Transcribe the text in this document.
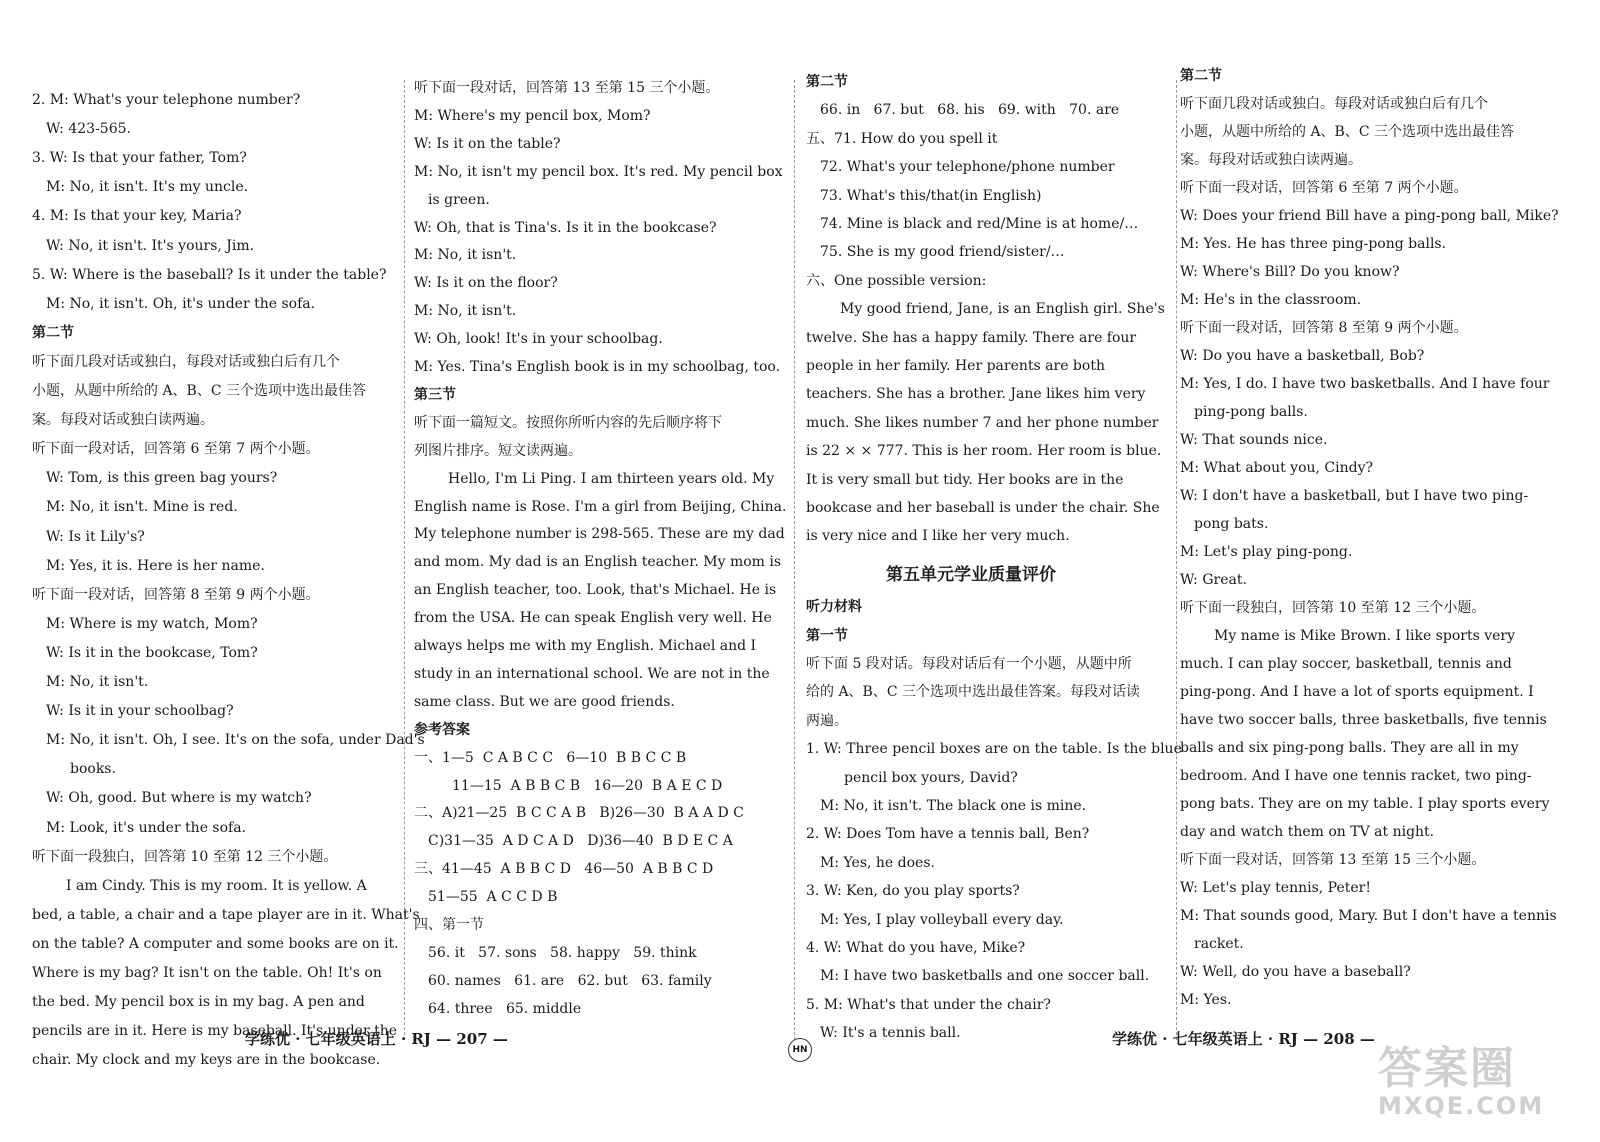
2. M: What's your telephone number?
W: 423-565.
3. W: Is that your father, Tom?
M: No, it isn't. It's my uncle.
4. M: Is that your key, Maria?
W: No, it isn't. It's yours, Jim.
5. W: Where is the baseball? Is it under the table?
M: No, it isn't. Oh, it's under the sofa.
第二节
听下面几段对话或独白，每段对话或独白后有几个
小题，从题中所给的 A、B、C 三个选项中选出最佳答
案。每段对话或独白读两遍。
听下面一段对话，回答第 6 至第 7 两个小题。
W: Tom, is this green bag yours?
M: No, it isn't. Mine is red.
W: Is it Lily's?
M: Yes, it is. Here is her name.
听下面一段对话，回答第 8 至第 9 两个小题。
M: Where is my watch, Mom?
W: Is it in the bookcase, Tom?
M: No, it isn't.
W: Is it in your schoolbag?
M: No, it isn't. Oh, I see. It's on the sofa, under Dad's
books.
W: Oh, good. But where is my watch?
M: Look, it's under the sofa.
听下面一段独白，回答第 10 至第 12 三个小题。
I am Cindy. This is my room. It is yellow. A
bed, a table, a chair and a tape player are in it. What's
on the table? A computer and some books are on it.
Where is my bag? It isn't on the table. Oh! It's on
the bed. My pencil box is in my bag. A pen and
pencils are in it. Here is my baseball. It's under the
chair. My clock and my keys are in the bookcase.
听下面一段对话，回答第 13 至第 15 三个小题。
M: Where's my pencil box, Mom?
W: Is it on the table?
M: No, it isn't my pencil box. It's red. My pencil box
is green.
W: Oh, that is Tina's. Is it in the bookcase?
M: No, it isn't.
W: Is it on the floor?
M: No, it isn't.
W: Oh, look! It's in your schoolbag.
M: Yes. Tina's English book is in my schoolbag, too.
第三节
听下面一篇短文。按照你所听内容的先后顺序将下
列图片排序。短文读两遍。
Hello, I'm Li Ping. I am thirteen years old. My
English name is Rose. I'm a girl from Beijing, China.
My telephone number is 298-565. These are my dad
and mom. My dad is an English teacher. My mom is
an English teacher, too. Look, that's Michael. He is
from the USA. He can speak English very well. He
always helps me with my English. Michael and I
study in an international school. We are not in the
same class. But we are good friends.
参考答案
一、1—5  C A B C C   6—10  B B C C B
11—15  A B B C B   16—20  B A E C D
二、A)21—25  B C C A B   B)26—30  B A A D C
C)31—35  A D C A D   D)36—40  B D E C A
三、41—45  A B B C D   46—50  A B B C D
51—55  A C C D B
四、第一节
56. it   57. sons   58. happy   59. think
60. names   61. are   62. but   63. family
64. three   65. middle
第二节
66. in   67. but   68. his   69. with   70. are
五、71. How do you spell it
72. What's your telephone/phone number
73. What's this/that(in English)
74. Mine is black and red/Mine is at home/…
75. She is my good friend/sister/…
六、One possible version:
My good friend, Jane, is an English girl. She's
twelve. She has a happy family. There are four
people in her family. Her parents are both
teachers. She has a brother. Jane likes him very
much. She likes number 7 and her phone number
is 22 × × 777. This is her room. Her room is blue.
It is very small but tidy. Her books are in the
bookcase and her baseball is under the chair. She
is very nice and I like her very much.
第五单元学业质量评价
听力材料
第一节
听下面 5 段对话。每段对话后有一个小题，从题中所
给的 A、B、C 三个选项中选出最佳答案。每段对话读
两遍。
1. W: Three pencil boxes are on the table. Is the blue
pencil box yours, David?
M: No, it isn't. The black one is mine.
2. W: Does Tom have a tennis ball, Ben?
M: Yes, he does.
3. W: Ken, do you play sports?
M: Yes, I play volleyball every day.
4. W: What do you have, Mike?
M: I have two basketballs and one soccer ball.
5. M: What's that under the chair?
W: It's a tennis ball.
第二节
听下面几段对话或独白。每段对话或独白后有几个
小题，从题中所给的 A、B、C 三个选项中选出最佳答
案。每段对话或独白读两遍。
听下面一段对话，回答第 6 至第 7 两个小题。
W: Does your friend Bill have a ping-pong ball, Mike?
M: Yes. He has three ping-pong balls.
W: Where's Bill? Do you know?
M: He's in the classroom.
听下面一段对话，回答第 8 至第 9 两个小题。
W: Do you have a basketball, Bob?
M: Yes, I do. I have two basketballs. And I have four
ping-pong balls.
W: That sounds nice.
M: What about you, Cindy?
W: I don't have a basketball, but I have two ping-
pong bats.
M: Let's play ping-pong.
W: Great.
听下面一段独白，回答第 10 至第 12 三个小题。
My name is Mike Brown. I like sports very
much. I can play soccer, basketball, tennis and
ping-pong. And I have a lot of sports equipment. I
have two soccer balls, three basketballs, five tennis
balls and six ping-pong balls. They are all in my
bedroom. And I have one tennis racket, two ping-
pong bats. They are on my table. I play sports every
day and watch them on TV at night.
听下面一段对话，回答第 13 至第 15 三个小题。
W: Let's play tennis, Peter!
M: That sounds good, Mary. But I don't have a tennis
racket.
W: Well, do you have a baseball?
M: Yes.
学练优 · 七年级英语上 · RJ — 207 —
HN
学练优 · 七年级英语上 · RJ — 208 —
答案圈
MXQE.COM
